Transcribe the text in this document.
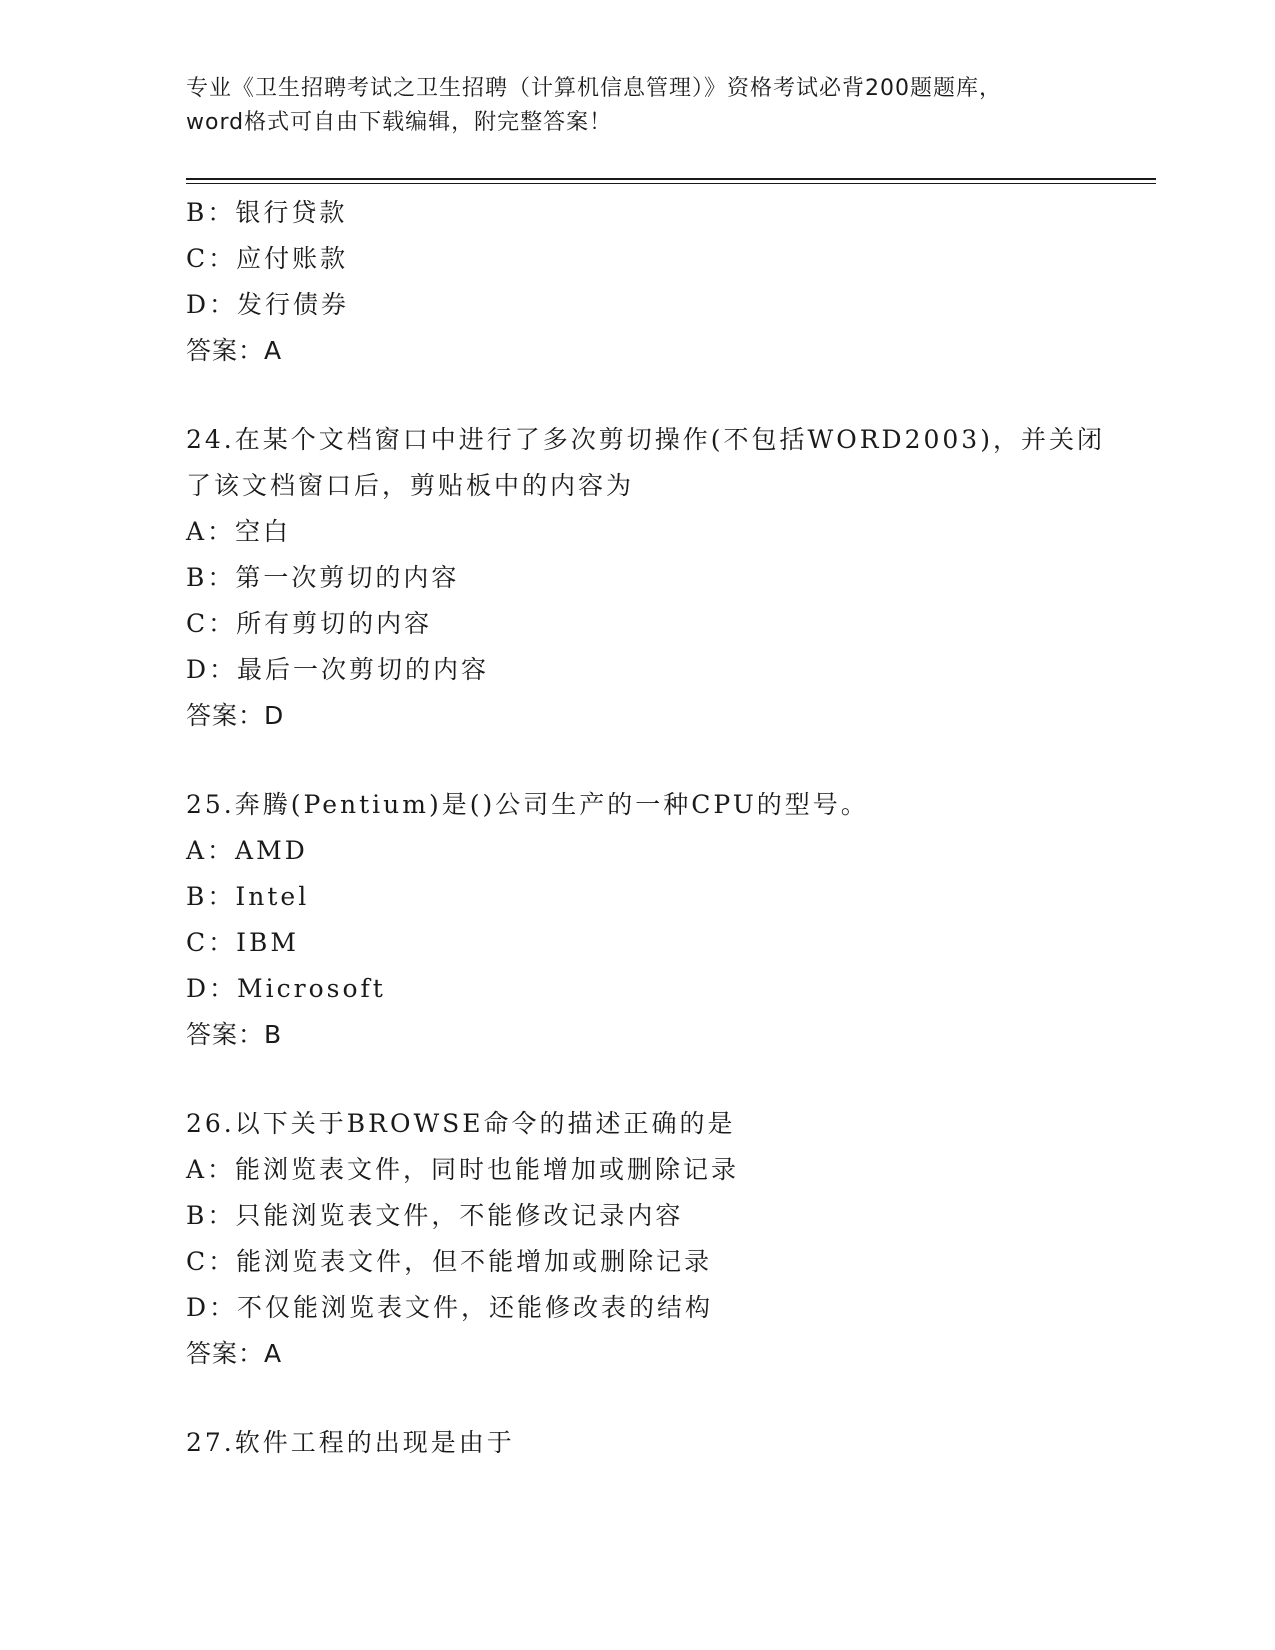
专业《卫生招聘考试之卫生招聘（计算机信息管理）》资格考试必背200题题库，
word格式可自由下载编辑，附完整答案！
B：银行贷款
C：应付账款
D：发行债券
答案：A
24.在某个文档窗口中进行了多次剪切操作(不包括WORD2003)，并关闭
了该文档窗口后，剪贴板中的内容为
A：空白
B：第一次剪切的内容
C：所有剪切的内容
D：最后一次剪切的内容
答案：D
25.奔腾(Pentium)是()公司生产的一种CPU的型号。
A：AMD
B：Intel
C：IBM
D：Microsoft
答案：B
26.以下关于BROWSE命令的描述正确的是
A：能浏览表文件，同时也能增加或删除记录
B：只能浏览表文件，不能修改记录内容
C：能浏览表文件，但不能增加或删除记录
D：不仅能浏览表文件，还能修改表的结构
答案：A
27.软件工程的出现是由于
